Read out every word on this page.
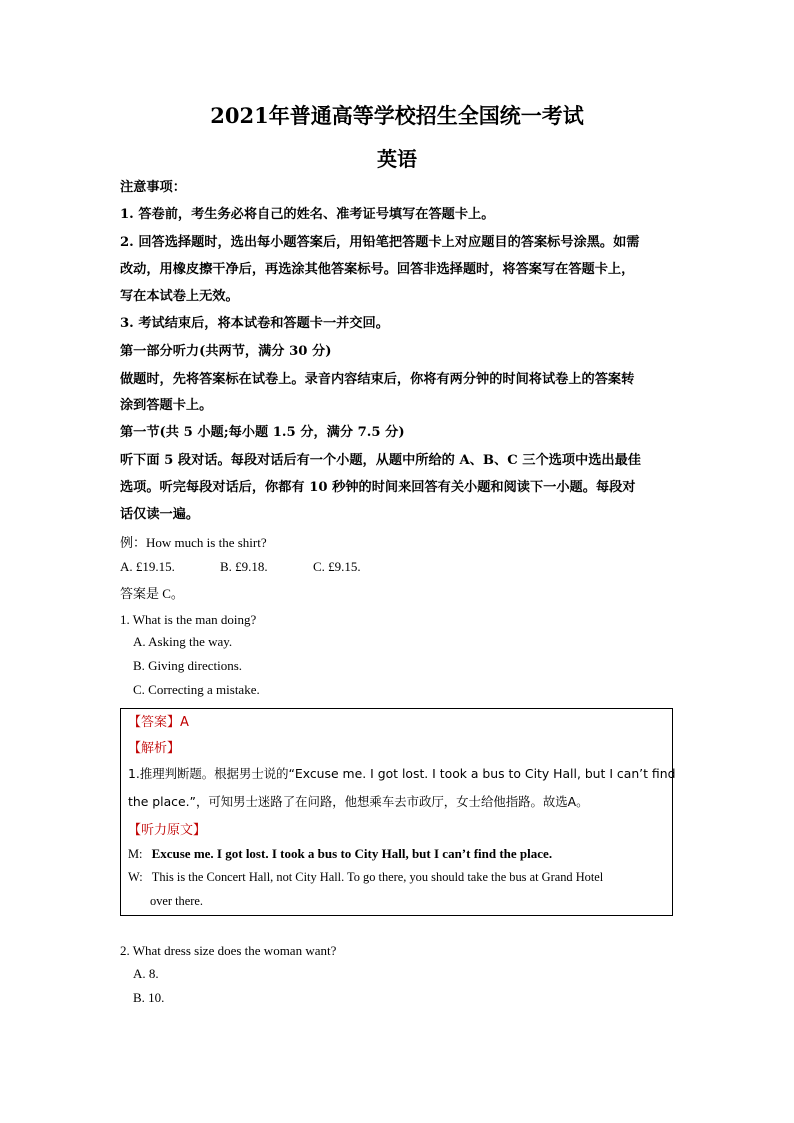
2021年普通高等学校招生全国统一考试
英语
注意事项：
1. 答卷前，考生务必将自己的姓名、准考证号填写在答题卡上。
2. 回答选择题时，选出每小题答案后，用铅笔把答题卡上对应题目的答案标号涂黑。如需
改动，用橡皮擦干净后，再选涂其他答案标号。回答非选择题时，将答案写在答题卡上，
写在本试卷上无效。
3. 考试结束后，将本试卷和答题卡一并交回。
第一部分听力(共两节，满分 30 分)
做题时，先将答案标在试卷上。录音内容结束后，你将有两分钟的时间将试卷上的答案转
涂到答题卡上。
第一节(共 5 小题;每小题 1.5 分，满分 7.5 分)
听下面 5 段对话。每段对话后有一个小题，从题中所给的 A、B、C 三个选项中选出最佳
选项。听完每段对话后，你都有 10 秒钟的时间来回答有关小题和阅读下一小题。每段对
话仅读一遍。
例：How much is the shirt?
A. £19.15.	B. £9.18.	C. £9.15.
答案是 C。
1. What is the man doing?
A. Asking the way.
B. Giving directions.
C. Correcting a mistake.
【答案】A
【解析】
1.推理判断题。根据男士说的“Excuse me. I got lost. I took a bus to City Hall, but I can’t find
the place.”，可知男士迷路了在问路，他想乘车去市政厅，女士给他指路。故选A。
【听力原文】
M: Excuse me. I got lost. I took a bus to City Hall, but I can’t find the place.
W: This is the Concert Hall, not City Hall. To go there, you should take the bus at Grand Hotel
over there.
2. What dress size does the woman want?
A. 8.
B. 10.
